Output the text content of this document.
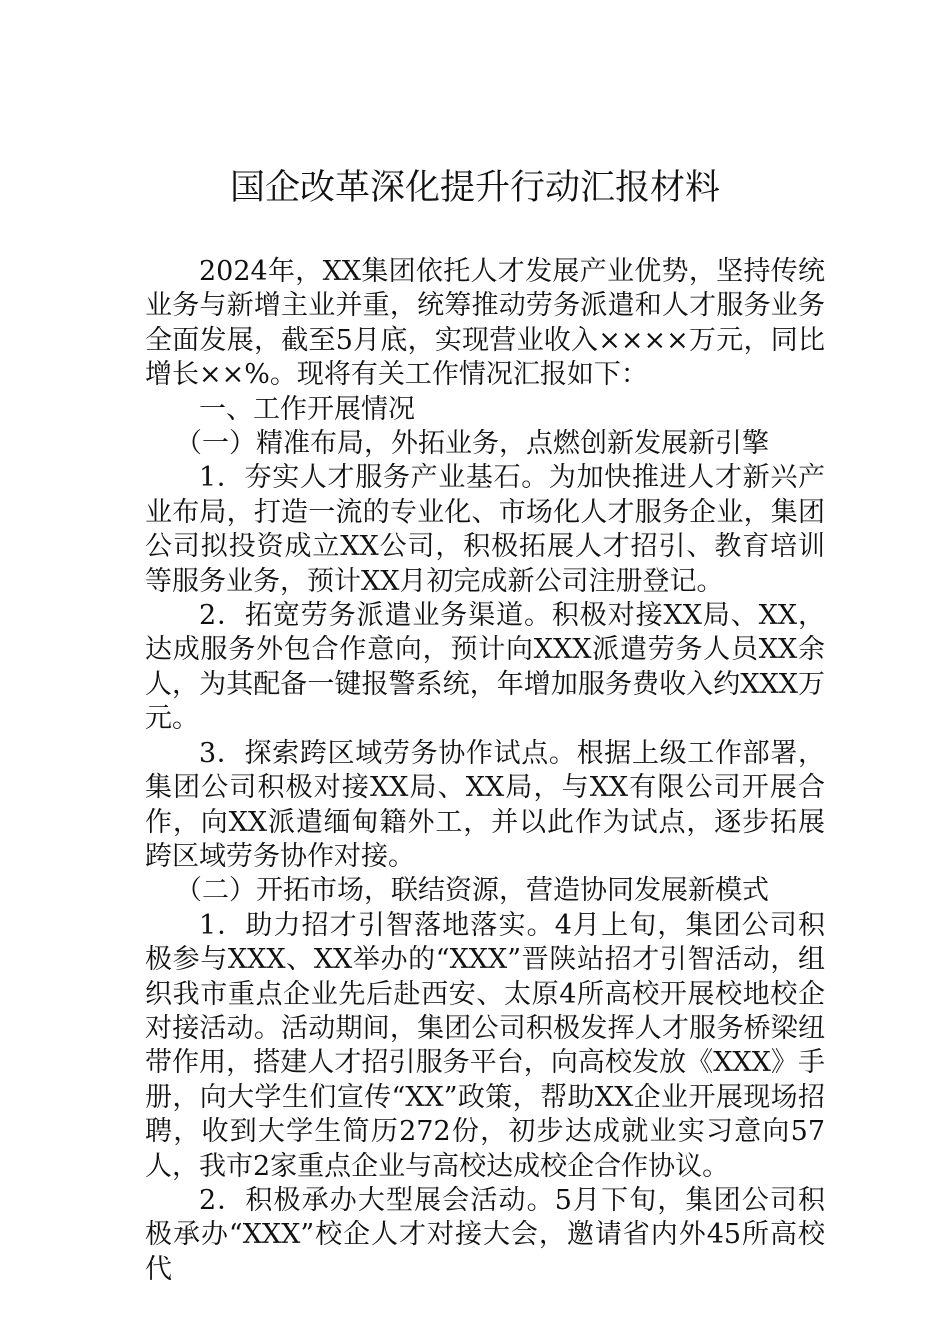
国企改革深化提升行动汇报材料

2024年，XX集团依托人才发展产业优势，坚持传统业务与新增主业并重，统筹推动劳务派遣和人才服务业务全面发展，截至5月底，实现营业收入××××万元，同比增长××%。现将有关工作情况汇报如下：

一、工作开展情况

（一）精准布局，外拓业务，点燃创新发展新引擎

1．夯实人才服务产业基石。为加快推进人才新兴产业布局，打造一流的专业化、市场化人才服务企业，集团公司拟投资成立XX公司，积极拓展人才招引、教育培训等服务业务，预计XX月初完成新公司注册登记。

2．拓宽劳务派遣业务渠道。积极对接XX局、XX，达成服务外包合作意向，预计向XXX派遣劳务人员XX余人，为其配备一键报警系统，年增加服务费收入约XXX万元。

3．探索跨区域劳务协作试点。根据上级工作部署，集团公司积极对接XX局、XX局，与XX有限公司开展合作，向XX派遣缅甸籍外工，并以此作为试点，逐步拓展跨区域劳务协作对接。

（二）开拓市场，联结资源，营造协同发展新模式

1．助力招才引智落地落实。4月上旬，集团公司积极参与XXX、XX举办的“XXX”晋陕站招才引智活动，组织我市重点企业先后赴西安、太原4所高校开展校地校企对接活动。活动期间，集团公司积极发挥人才服务桥梁纽带作用，搭建人才招引服务平台，向高校发放《XXX》手册，向大学生们宣传“XX”政策，帮助XX企业开展现场招聘，收到大学生简历272份，初步达成就业实习意向57人，我市2家重点企业与高校达成校企合作协议。

2．积极承办大型展会活动。5月下旬，集团公司积极承办“XXX”校企人才对接大会，邀请省内外45所高校代
